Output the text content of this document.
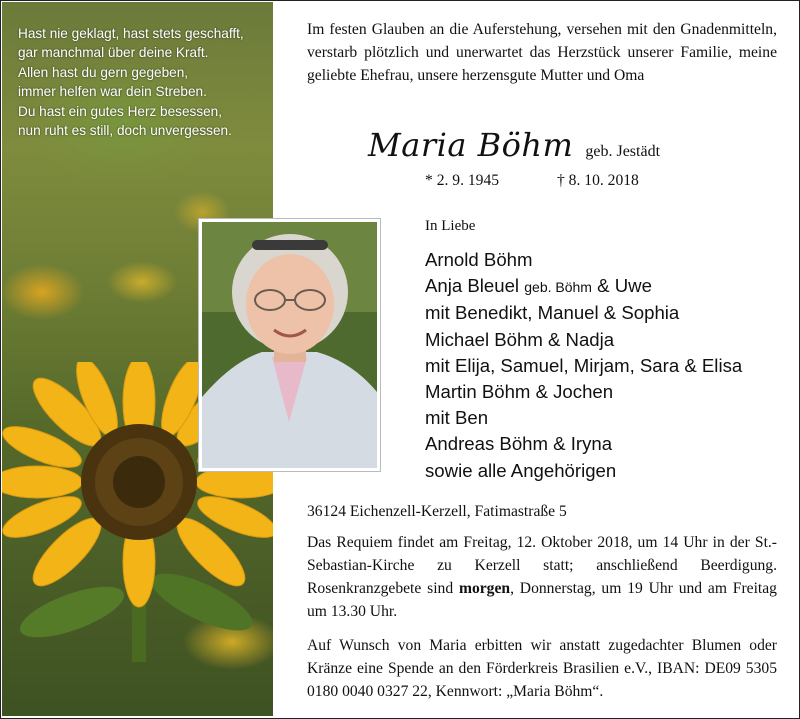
Hast nie geklagt, hast stets geschafft,
gar manchmal über deine Kraft.
Allen hast du gern gegeben,
immer helfen war dein Streben.
Du hast ein gutes Herz besessen,
nun ruht es still, doch unvergessen.
Im festen Glauben an die Auferstehung, versehen mit den Gnadenmitteln, verstarb plötzlich und unerwartet das Herzstück unserer Familie, meine geliebte Ehefrau, unsere herzensgute Mutter und Oma
Maria Böhm geb. Jestädt
* 2. 9. 1945	† 8. 10. 2018
In Liebe
Arnold Böhm
Anja Bleuel geb. Böhm & Uwe
mit Benedikt, Manuel & Sophia
Michael Böhm & Nadja
mit Elija, Samuel, Mirjam, Sara & Elisa
Martin Böhm & Jochen
mit Ben
Andreas Böhm & Iryna
sowie alle Angehörigen
36124 Eichenzell-Kerzell, Fatimastraße 5
Das Requiem findet am Freitag, 12. Oktober 2018, um 14 Uhr in der St.-Sebastian-Kirche zu Kerzell statt; anschließend Beerdigung. Rosenkranzgebete sind morgen, Donnerstag, um 19 Uhr und am Freitag um 13.30 Uhr.
Auf Wunsch von Maria erbitten wir anstatt zugedachter Blumen oder Kränze eine Spende an den Förderkreis Brasilien e.V., IBAN: DE09 5305 0180 0040 0327 22, Kennwort: „Maria Böhm“.
